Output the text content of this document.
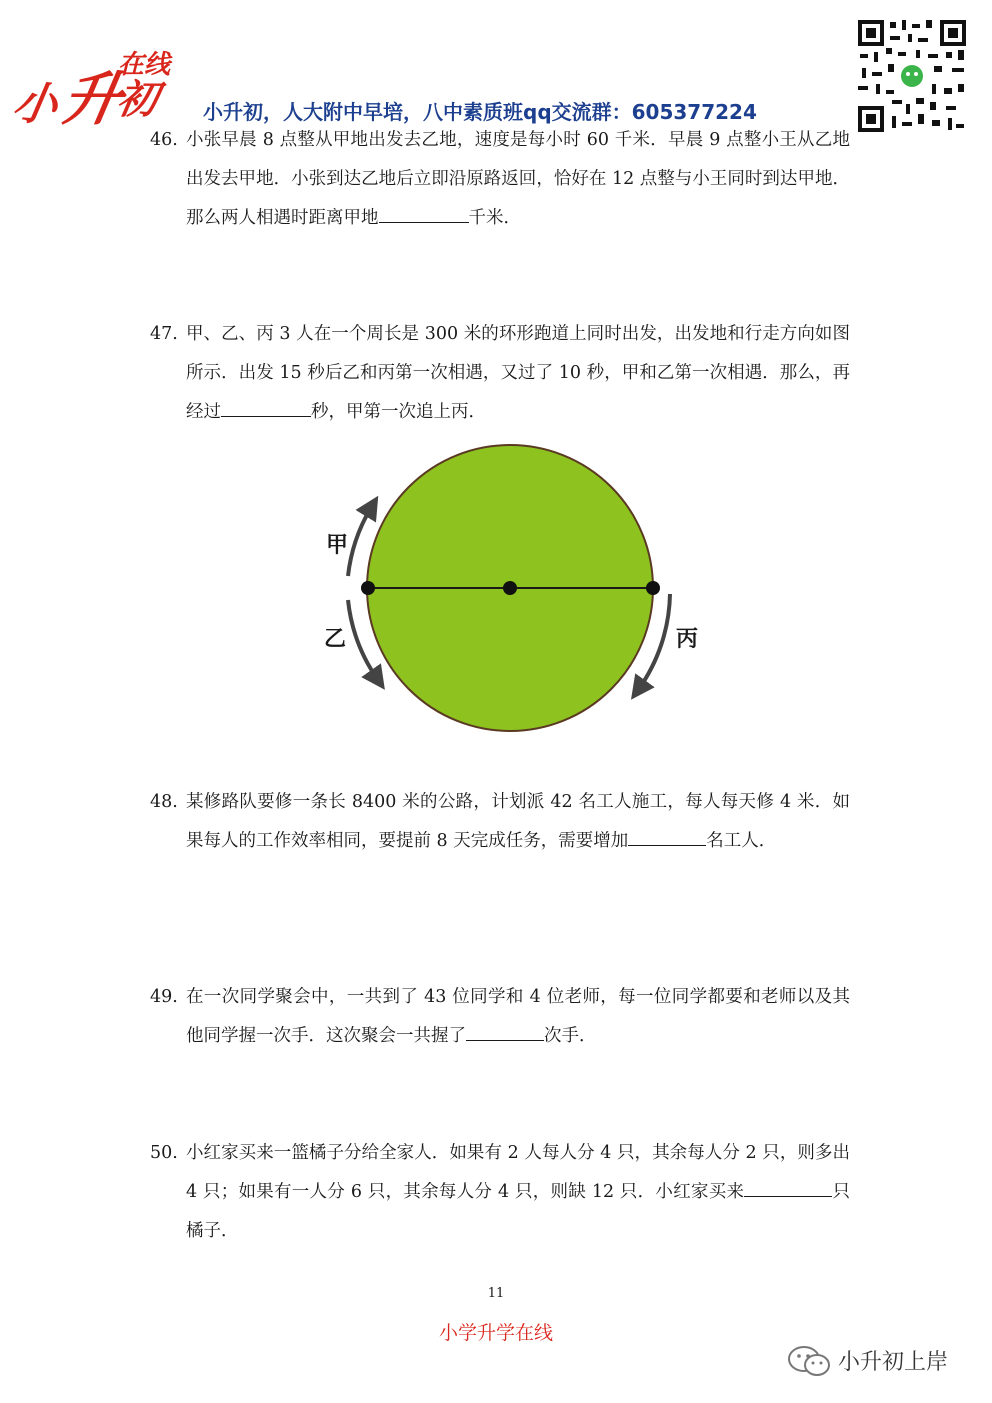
在线
小
升
初 小升初，人大附中早培，八中素质班qq交流群：605377224
46. 小张早晨 8 点整从甲地出发去乙地，速度是每小时 60 千米．早晨 9 点整小王从乙地出发去甲地．小张到达乙地后立即沿原路返回，恰好在 12 点整与小王同时到达甲地．那么两人相遇时距离甲地	千米．
47. 甲、乙、丙 3 人在一个周长是 300 米的环形跑道上同时出发，出发地和行走方向如图所示．出发 15 秒后乙和丙第一次相遇，又过了 10 秒，甲和乙第一次相遇．那么，再经过	秒，甲第一次追上丙．
甲
乙	丙
48. 某修路队要修一条长 8400 米的公路，计划派 42 名工人施工，每人每天修 4 米．如果每人的工作效率相同，要提前 8 天完成任务，需要增加	名工人．
49. 在一次同学聚会中，一共到了 43 位同学和 4 位老师，每一位同学都要和老师以及其他同学握一次手．这次聚会一共握了	次手．
50. 小红家买来一篮橘子分给全家人．如果有 2 人每人分 4 只，其余每人分 2 只，则多出 4 只；如果有一人分 6 只，其余每人分 4 只，则缺 12 只．小红家买来	只橘子．
11
小学升学在线
小升初上岸
